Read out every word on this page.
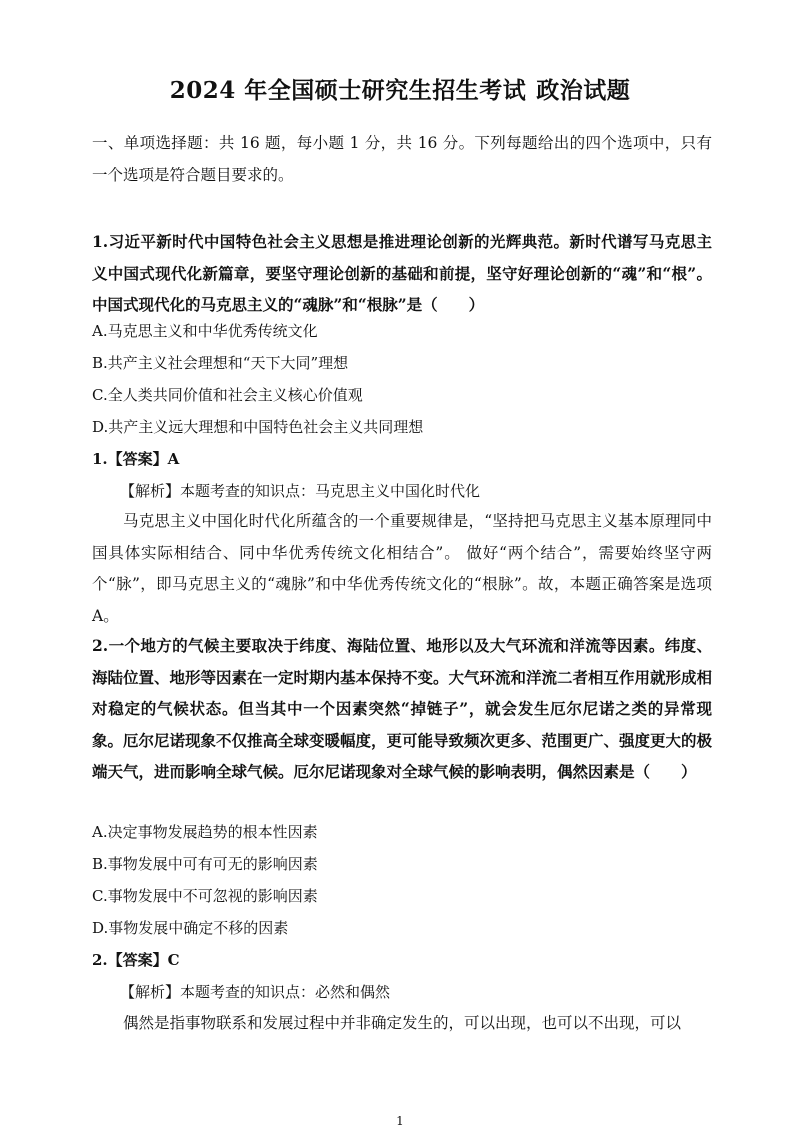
2024 年全国硕士研究生招生考试 政治试题
一、单项选择题：共 16 题，每小题 1 分，共 16 分。下列每题给出的四个选项中，只有一个选项是符合题目要求的。
1.习近平新时代中国特色社会主义思想是推进理论创新的光辉典范。新时代谱写马克思主义中国式现代化新篇章，要坚守理论创新的基础和前提，坚守好理论创新的“魂”和“根”。中国式现代化的马克思主义的“魂脉”和“根脉”是（　　）
A.马克思主义和中华优秀传统文化
B.共产主义社会理想和“天下大同”理想
C.全人类共同价值和社会主义核心价值观
D.共产主义远大理想和中国特色社会主义共同理想
1.【答案】A
【解析】本题考查的知识点：马克思主义中国化时代化
马克思主义中国化时代化所蕴含的一个重要规律是，“坚持把马克思主义基本原理同中国具体实际相结合、同中华优秀传统文化相结合”。 做好“两个结合”，需要始终坚守两个“脉”，即马克思主义的“魂脉”和中华优秀传统文化的“根脉”。故，本题正确答案是选项A。
2.一个地方的气候主要取决于纬度、海陆位置、地形以及大气环流和洋流等因素。纬度、海陆位置、地形等因素在一定时期内基本保持不变。大气环流和洋流二者相互作用就形成相对稳定的气候状态。但当其中一个因素突然“掉链子”，就会发生厄尔尼诺之类的异常现象。厄尔尼诺现象不仅推高全球变暖幅度，更可能导致频次更多、范围更广、强度更大的极端天气，进而影响全球气候。厄尔尼诺现象对全球气候的影响表明，偶然因素是（　　）
A.决定事物发展趋势的根本性因素
B.事物发展中可有可无的影响因素
C.事物发展中不可忽视的影响因素
D.事物发展中确定不移的因素
2.【答案】C
【解析】本题考查的知识点：必然和偶然
偶然是指事物联系和发展过程中并非确定发生的，可以出现，也可以不出现，可以
1
